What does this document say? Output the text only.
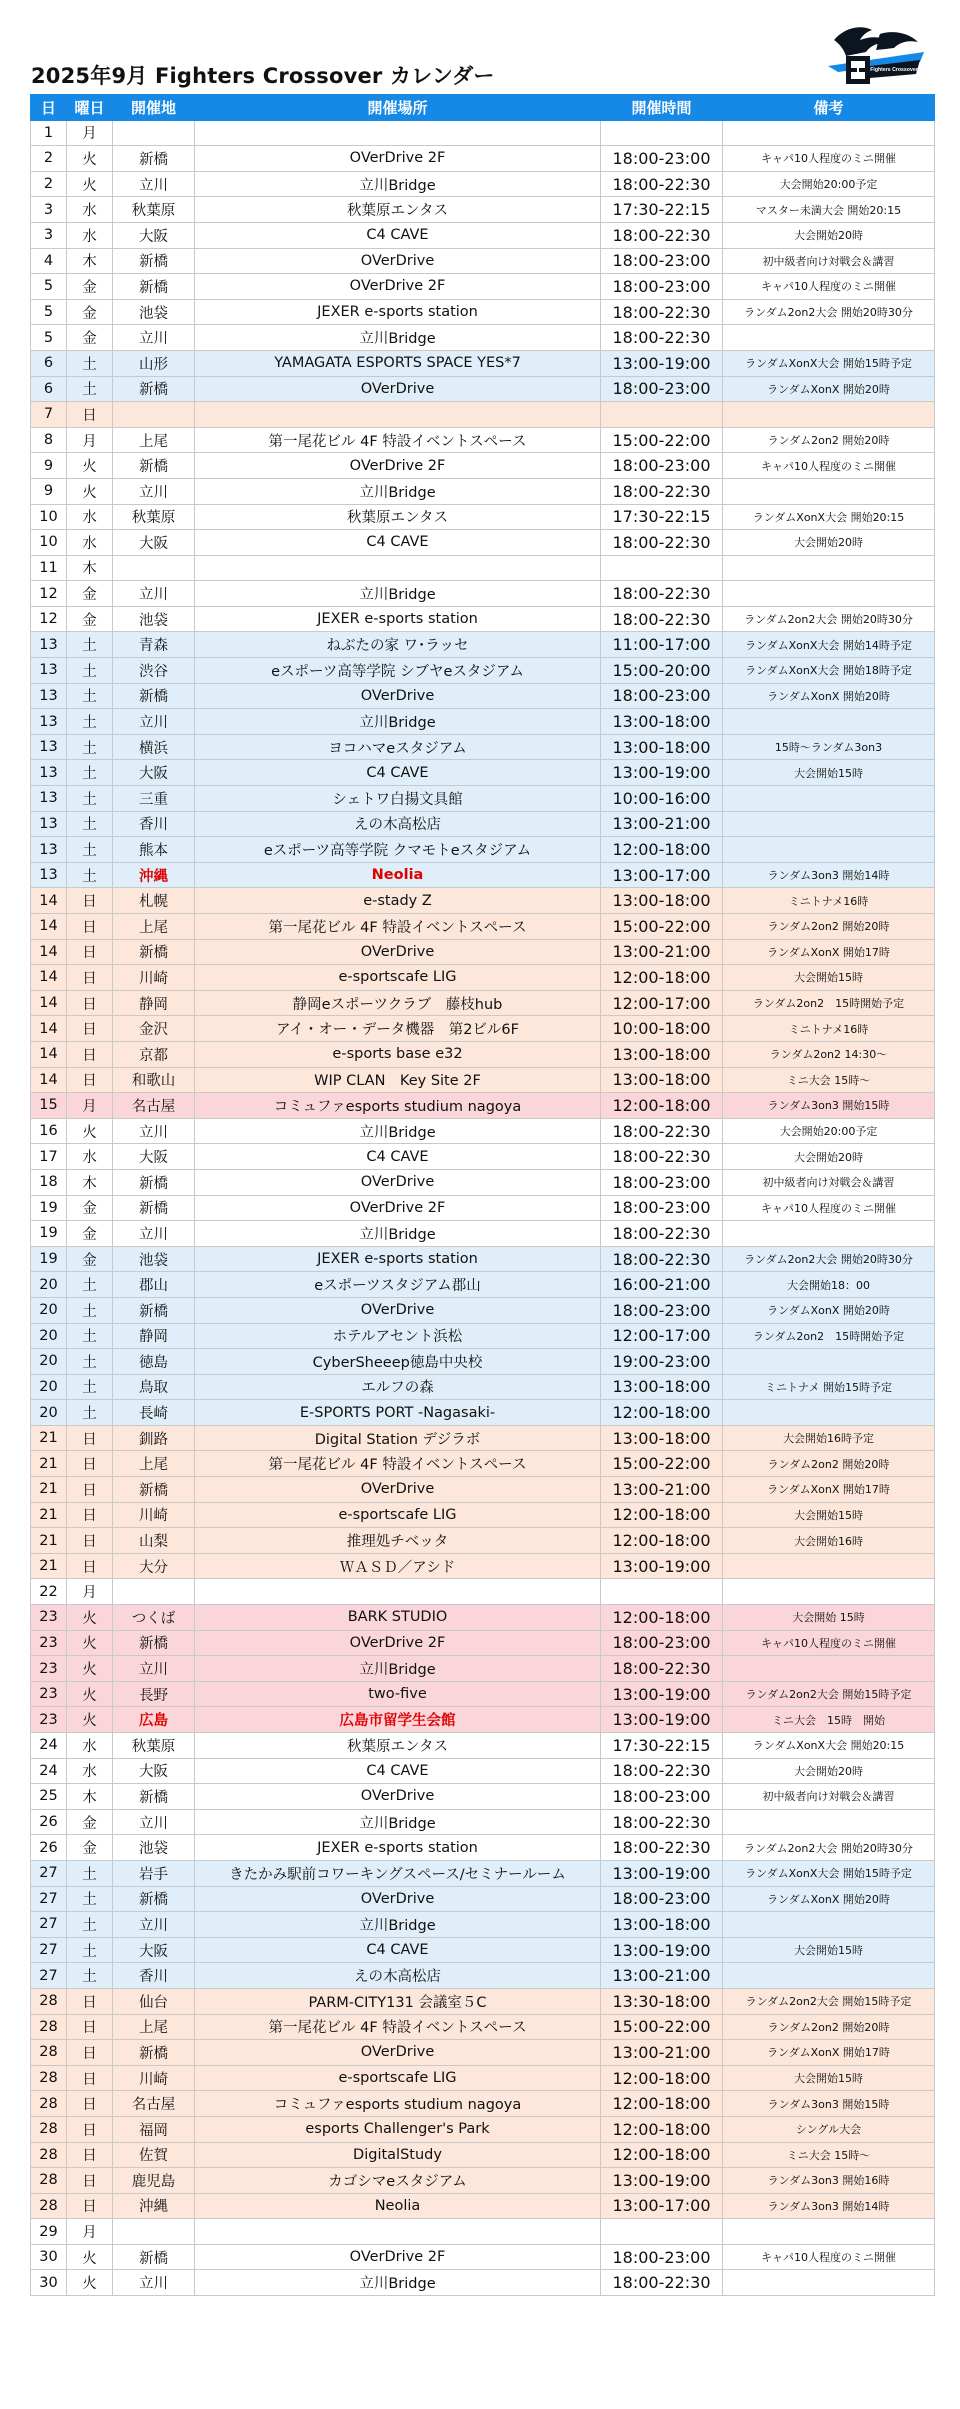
2025年9月 Fighters Crossover カレンダー	Fighters Crossover
日	曜日	開催地	開催場所	開催時間	備考
1	月				
2	火	新橋	OVerDrive 2F	18:00-23:00	キャパ10人程度のミニ開催
2	火	立川	立川Bridge	18:00-22:30	大会開始20:00予定
3	水	秋葉原	秋葉原エンタス	17:30-22:15	マスター未満大会 開始20:15
3	水	大阪	C4 CAVE	18:00-22:30	大会開始20時
4	木	新橋	OVerDrive	18:00-23:00	初中級者向け対戦会＆講習
5	金	新橋	OVerDrive 2F	18:00-23:00	キャパ10人程度のミニ開催
5	金	池袋	JEXER e-sports station	18:00-22:30	ランダム2on2大会 開始20時30分
5	金	立川	立川Bridge	18:00-22:30	
6	土	山形	YAMAGATA ESPORTS SPACE YES*7	13:00-19:00	ランダムXonX大会 開始15時予定
6	土	新橋	OVerDrive	18:00-23:00	ランダムXonX 開始20時
7	日				
8	月	上尾	第一尾花ビル 4F 特設イベントスペース	15:00-22:00	ランダム2on2 開始20時
9	火	新橋	OVerDrive 2F	18:00-23:00	キャパ10人程度のミニ開催
9	火	立川	立川Bridge	18:00-22:30	
10	水	秋葉原	秋葉原エンタス	17:30-22:15	ランダムXonX大会 開始20:15
10	水	大阪	C4 CAVE	18:00-22:30	大会開始20時
11	木				
12	金	立川	立川Bridge	18:00-22:30	
12	金	池袋	JEXER e-sports station	18:00-22:30	ランダム2on2大会 開始20時30分
13	土	青森	ねぶたの家 ワ･ラッセ	11:00-17:00	ランダムXonX大会 開始14時予定
13	土	渋谷	eスポーツ高等学院 シブヤeスタジアム	15:00-20:00	ランダムXonX大会 開始18時予定
13	土	新橋	OVerDrive	18:00-23:00	ランダムXonX 開始20時
13	土	立川	立川Bridge	13:00-18:00	
13	土	横浜	ヨコハマeスタジアム	13:00-18:00	15時～ランダム3on3
13	土	大阪	C4 CAVE	13:00-19:00	大会開始15時
13	土	三重	シェトワ白揚文具館	10:00-16:00	
13	土	香川	えの木高松店	13:00-21:00	
13	土	熊本	eスポーツ高等学院 クマモトeスタジアム	12:00-18:00	
13	土	沖縄	Neolia	13:00-17:00	ランダム3on3 開始14時
14	日	札幌	e-stady Z	13:00-18:00	ミニトナメ16時
14	日	上尾	第一尾花ビル 4F 特設イベントスペース	15:00-22:00	ランダム2on2 開始20時
14	日	新橋	OVerDrive	13:00-21:00	ランダムXonX 開始17時
14	日	川崎	e-sportscafe LIG	12:00-18:00	大会開始15時
14	日	静岡	静岡eスポーツクラブ　藤枝hub	12:00-17:00	ランダム2on2　15時開始予定
14	日	金沢	アイ・オー・データ機器　第2ビル6F	10:00-18:00	ミニトナメ16時
14	日	京都	e-sports base e32	13:00-18:00	ランダム2on2 14:30～
14	日	和歌山	WIP CLAN　Key Site 2F	13:00-18:00	ミニ大会 15時～
15	月	名古屋	コミュファesports studium nagoya	12:00-18:00	ランダム3on3 開始15時
16	火	立川	立川Bridge	18:00-22:30	大会開始20:00予定
17	水	大阪	C4 CAVE	18:00-22:30	大会開始20時
18	木	新橋	OVerDrive	18:00-23:00	初中級者向け対戦会＆講習
19	金	新橋	OVerDrive 2F	18:00-23:00	キャパ10人程度のミニ開催
19	金	立川	立川Bridge	18:00-22:30	
19	金	池袋	JEXER e-sports station	18:00-22:30	ランダム2on2大会 開始20時30分
20	土	郡山	eスポーツスタジアム郡山	16:00-21:00	大会開始18：00
20	土	新橋	OVerDrive	18:00-23:00	ランダムXonX 開始20時
20	土	静岡	ホテルアセント浜松	12:00-17:00	ランダム2on2　15時開始予定
20	土	徳島	CyberSheeep徳島中央校	19:00-23:00	
20	土	鳥取	エルフの森	13:00-18:00	ミニトナメ 開始15時予定
20	土	長崎	E-SPORTS PORT -Nagasaki-	12:00-18:00	
21	日	釧路	Digital Station デジラボ	13:00-18:00	大会開始16時予定
21	日	上尾	第一尾花ビル 4F 特設イベントスペース	15:00-22:00	ランダム2on2 開始20時
21	日	新橋	OVerDrive	13:00-21:00	ランダムXonX 開始17時
21	日	川崎	e-sportscafe LIG	12:00-18:00	大会開始15時
21	日	山梨	推理処チベッタ	12:00-18:00	大会開始16時
21	日	大分	ＷＡＳＤ／アシド	13:00-19:00	
22	月				
23	火	つくば	BARK STUDIO	12:00-18:00	大会開始 15時
23	火	新橋	OVerDrive 2F	18:00-23:00	キャパ10人程度のミニ開催
23	火	立川	立川Bridge	18:00-22:30	
23	火	長野	two-five	13:00-19:00	ランダム2on2大会 開始15時予定
23	火	広島	広島市留学生会館	13:00-19:00	ミニ大会　15時　開始
24	水	秋葉原	秋葉原エンタス	17:30-22:15	ランダムXonX大会 開始20:15
24	水	大阪	C4 CAVE	18:00-22:30	大会開始20時
25	木	新橋	OVerDrive	18:00-23:00	初中級者向け対戦会＆講習
26	金	立川	立川Bridge	18:00-22:30	
26	金	池袋	JEXER e-sports station	18:00-22:30	ランダム2on2大会 開始20時30分
27	土	岩手	きたかみ駅前コワーキングスペース/セミナールーム	13:00-19:00	ランダムXonX大会 開始15時予定
27	土	新橋	OVerDrive	18:00-23:00	ランダムXonX 開始20時
27	土	立川	立川Bridge	13:00-18:00	
27	土	大阪	C4 CAVE	13:00-19:00	大会開始15時
27	土	香川	えの木高松店	13:00-21:00	
28	日	仙台	PARM-CITY131 会議室５C	13:30-18:00	ランダム2on2大会 開始15時予定
28	日	上尾	第一尾花ビル 4F 特設イベントスペース	15:00-22:00	ランダム2on2 開始20時
28	日	新橋	OVerDrive	13:00-21:00	ランダムXonX 開始17時
28	日	川崎	e-sportscafe LIG	12:00-18:00	大会開始15時
28	日	名古屋	コミュファesports studium nagoya	12:00-18:00	ランダム3on3 開始15時
28	日	福岡	esports Challenger's Park	12:00-18:00	シングル大会
28	日	佐賀	DigitalStudy	12:00-18:00	ミニ大会 15時～
28	日	鹿児島	カゴシマeスタジアム	13:00-19:00	ランダム3on3 開始16時
28	日	沖縄	Neolia	13:00-17:00	ランダム3on3 開始14時
29	月				
30	火	新橋	OVerDrive 2F	18:00-23:00	キャパ10人程度のミニ開催
30	火	立川	立川Bridge	18:00-22:30	
